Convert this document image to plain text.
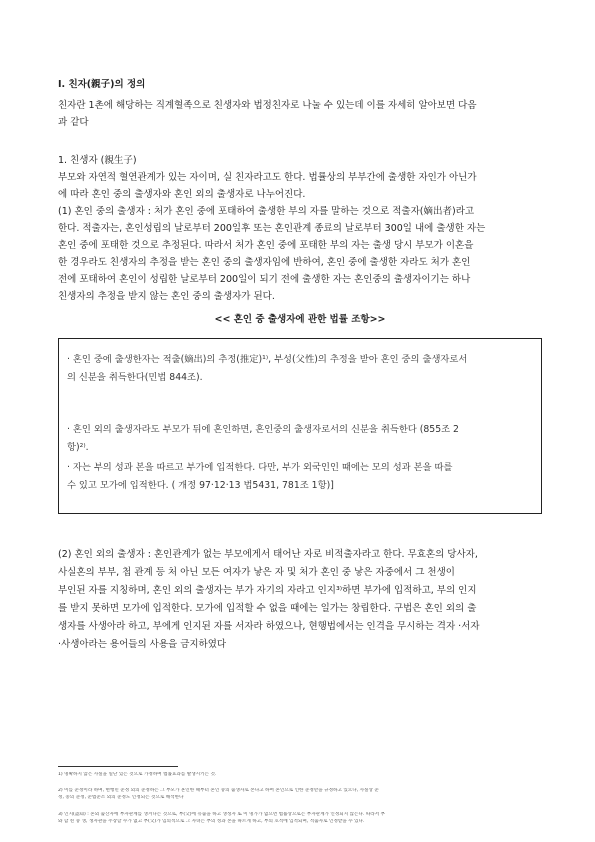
Ⅰ. 친자(親子)의 정의
친자란 1촌에 해당하는 직계혈족으로 친생자와 법정친자로 나눌 수 있는데 이를 자세히 알아보면 다음
과 같다
1. 친생자 (親生子)
부모와 자연적 혈연관계가 있는 자이며, 실 친자라고도 한다. 법률상의 부부간에 출생한 자인가 아닌가
에 따라 혼인 중의 출생자와 혼인 외의 출생자로 나누어진다.
(1) 혼인 중의 출생자 : 처가 혼인 중에 포태하여 출생한 부의 자를 말하는 것으로 적출자(嫡出者)라고
한다. 적출자는, 혼인성립의 날로부터 200일후 또는 혼인관계 종료의 날로부터 300일 내에 출생한 자는
혼인 중에 포태한 것으로 추정된다. 따라서 처가 혼인 중에 포태한 부의 자는 출생 당시 부모가 이혼을
한 경우라도 친생자의 추정을 받는 혼인 중의 출생자임에 반하여, 혼인 중에 출생한 자라도 처가 혼인
전에 포태하여 혼인이 성립한 날로부터 200일이 되기 전에 출생한 자는 혼인중의 출생자이기는 하나
친생자의 추정을 받지 않는 혼인 중의 출생자가 된다.
<< 혼인 중 출생자에 관한 법률 조항>>
· 혼인 중에 출생한자는 적출(嫡出)의 추정(推定)¹⁾, 부성(父性)의 추정을 받아 혼인 중의 출생자로서
의 신분을 취득한다(민법 844조).
· 혼인 외의 출생자라도 부모가 뒤에 혼인하면, 혼인중의 출생자로서의 신분을 취득한다 (855조 2
항)²⁾.
· 자는 부의 성과 본을 따르고 부가에 입적한다. 다만, 부가 외국인인 때에는 모의 성과 본을 따를
수 있고 모가에 입적한다. ( 개정 97·12·13 법5431, 781조 1항)]
(2) 혼인 외의 출생자 : 혼인관계가 없는 부모에게서 태어난 자로 비적출자라고 한다. 무효혼의 당사자,
사실혼의 부부, 첩 관계 등 처 아닌 모든 여자가 낳은 자 및 처가 혼인 중 낳은 자중에서 그 천생이
부인된 자를 지칭하며, 혼인 외의 출생자는 부가 자기의 자라고 인지³⁾하면 부가에 입적하고, 부의 인지
를 받지 못하면 모가에 입적한다. 모가에 입적할 수 없을 때에는 일가는 창립한다. 구법은 혼인 외의 출
생자를 사생아라 하고, 부에게 인지된 자를 서자라 하였으나, 현행법에서는 인격을 무시하는 격자 ·서자
·사생아라는 용어들의 사용을 금지하였다
1) 명확하지 않은 사실을 일단 있는 것으로 가정하여 법률효과를 발생시키는 것.
2) 이를 준정이라 하며, 현행민 준정 외의 준정하는 그 부모가 혼인한 때부터 혼인 중의 출생자로 본다고 하여 혼인으로 인한 준정만을 규정하고 있으나, 사실상 준
정, 중의 준정, 준법준소 외의 준정도 인정되는 것으로 해석한다
3) 인지(認知) : 혼외 출산자에 부자관계를 생겨나는 것으로, 부(父)에 유출을 하고 생성자 또 이 명가가 없으면 법률상으로는 부자관계가 인정되지 않는다. 따라서 부
와 합 친 중 생, 생자관을 주장할 수가 없고 부(父)가 임의적으로 그 자녀는 부의 성과 본을 따르게 하고, 부의 호적에 입적되며, 적출자로 인정받을 수 있다.
